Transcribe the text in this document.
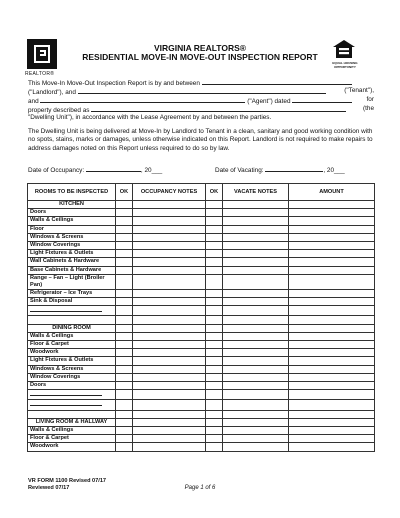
REALTOR®
VIRGINIA REALTORS®
RESIDENTIAL MOVE-IN MOVE-OUT INSPECTION REPORT
EQUAL HOUSING OPPORTUNITY
This Move-In Move-Out Inspection Report is by and between
("Landlord"), and	("Tenant"),
and	("Agent") dated	for
property described as	(the
"Dwelling Unit"), in accordance with the Lease Agreement by and between the parties.
The Dwelling Unit is being delivered at Move-In by Landlord to Tenant in a clean, sanitary and good working condition with no spots, stains, marks or damages, unless otherwise indicated on this Report. Landlord is not required to make repairs to address damages noted on this Report unless required to do so by law.
Date of Occupancy:	, 20___	Date of Vacating:	, 20___
ROOMS TO BE INSPECTED	OK	OCCUPANCY NOTES	OK	VACATE NOTES	AMOUNT
KITCHEN					
Doors					
Walls & Ceilings					
Floor					
Windows & Screens					
Window Coverings					
Light Fixtures & Outlets					
Wall Cabinets & Hardware					
Base Cabinets & Hardware					
Range – Fan – Light (Broiler Pan)					
Refrigerator – Ice Trays					
Sink & Disposal					

DINING ROOM					
Walls & Ceilings					
Floor & Carpet					
Woodwork					
Light Fixtures & Outlets					
Windows & Screens					
Window Coverings					
Doors					

LIVING ROOM & HALLWAY					
Walls & Ceilings					
Floor & Carpet					
Woodwork					
VR FORM 1100 Revised 07/17
Reviewed 07/17	Page 1 of 6
